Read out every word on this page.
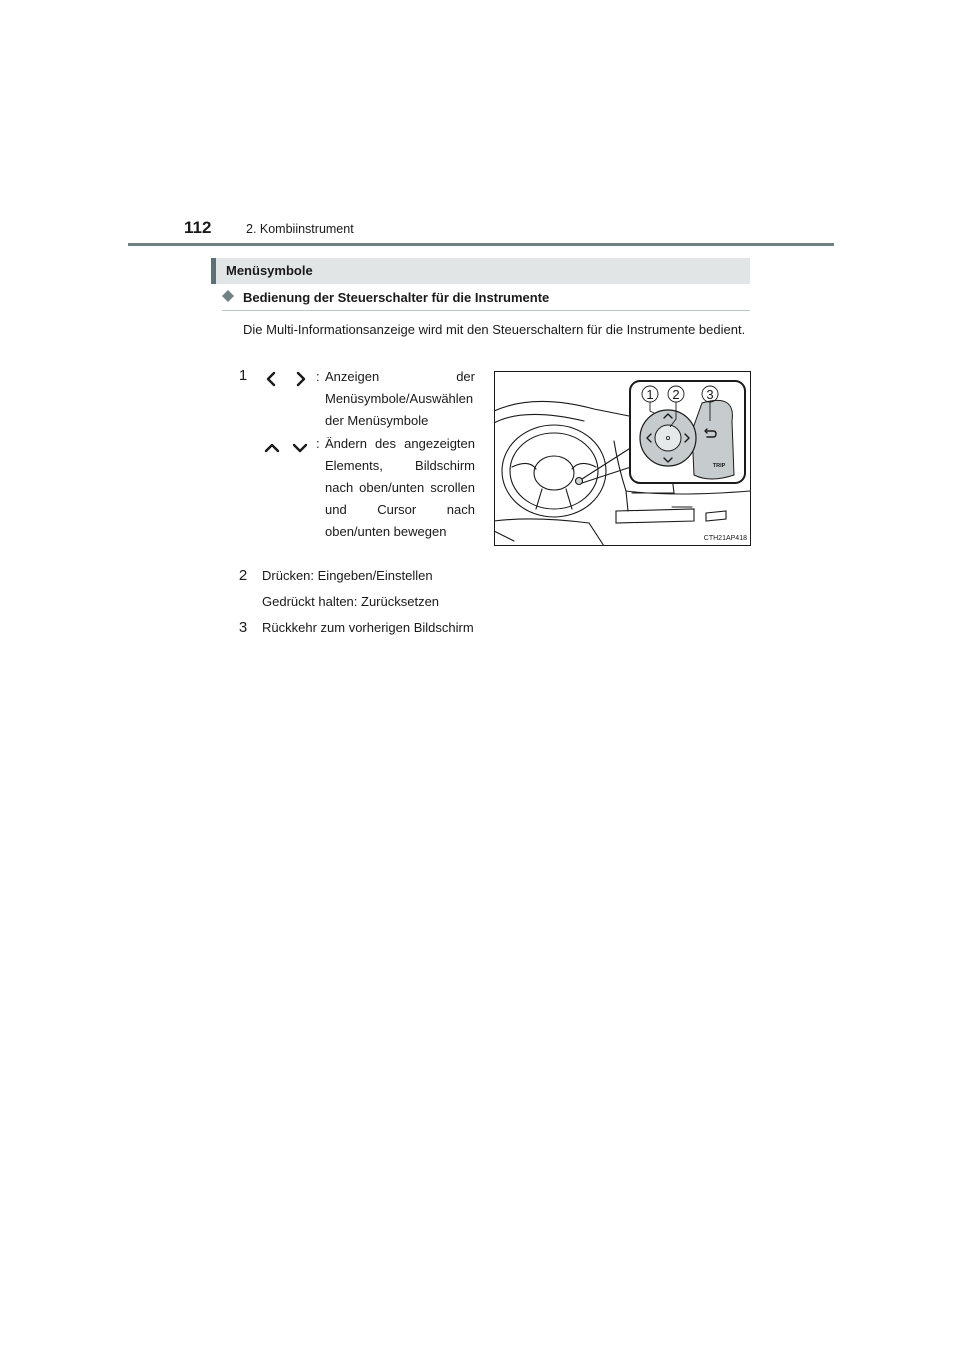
112	2. Kombiinstrument
Menüsymbole
Bedienung der Steuerschalter für die Instrumente
Die Multi-Informationsanzeige wird mit den Steuerschaltern für die Instrumente bedient.
1	: Anzeigen der Menüsymbole/Auswählen der Menüsymbole
: Ändern des angezeigten Elements, Bildschirm nach oben/unten scrollen und Cursor nach oben/unten bewegen
2 Drücken: Eingeben/Einstellen
Gedrückt halten: Zurücksetzen
3 Rückkehr zum vorherigen Bildschirm
1 2 3
TRIP
CTH21AP418
